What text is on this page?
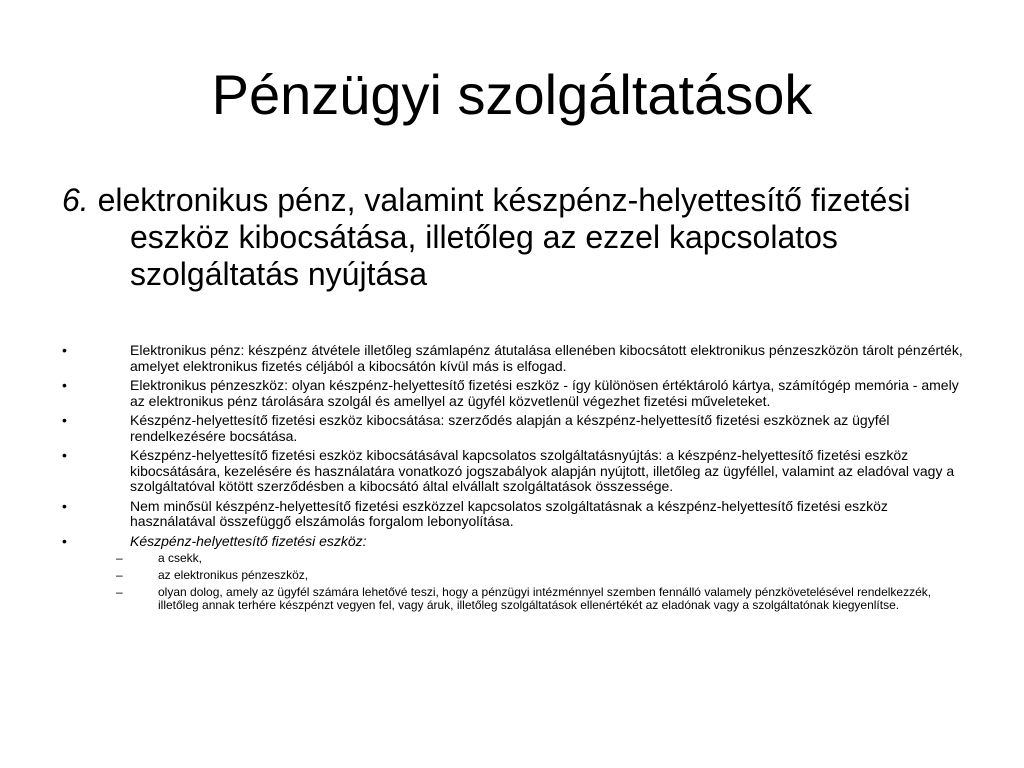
Pénzügyi szolgáltatások
6. elektronikus pénz, valamint készpénz-helyettesítő fizetési eszköz kibocsátása, illetőleg az ezzel kapcsolatos szolgáltatás nyújtása
•	Elektronikus pénz: készpénz átvétele illetőleg számlapénz átutalása ellenében kibocsátott elektronikus pénzeszközön tárolt pénzérték, amelyet elektronikus fizetés céljából a kibocsátón kívül más is elfogad.
•	Elektronikus pénzeszköz: olyan készpénz-helyettesítő fizetési eszköz - így különösen értéktároló kártya, számítógép memória - amely az elektronikus pénz tárolására szolgál és amellyel az ügyfél közvetlenül végezhet fizetési műveleteket.
•	Készpénz-helyettesítő fizetési eszköz kibocsátása: szerződés alapján a készpénz-helyettesítő fizetési eszköznek az ügyfél rendelkezésére bocsátása.
•	Készpénz-helyettesítő fizetési eszköz kibocsátásával kapcsolatos szolgáltatásnyújtás: a készpénz-helyettesítő fizetési eszköz kibocsátására, kezelésére és használatára vonatkozó jogszabályok alapján nyújtott, illetőleg az ügyféllel, valamint az eladóval vagy a szolgáltatóval kötött szerződésben a kibocsátó által elvállalt szolgáltatások összessége.
•	Nem minősül készpénz-helyettesítő fizetési eszközzel kapcsolatos szolgáltatásnak a készpénz-helyettesítő fizetési eszköz használatával összefüggő elszámolás forgalom lebonyolítása.
•	Készpénz-helyettesítő fizetési eszköz:
–	a csekk,
–	az elektronikus pénzeszköz,
–	olyan dolog, amely az ügyfél számára lehetővé teszi, hogy a pénzügyi intézménnyel szemben fennálló valamely pénzkövetelésével rendelkezzék, illetőleg annak terhére készpénzt vegyen fel, vagy áruk, illetőleg szolgáltatások ellenértékét az eladónak vagy a szolgáltatónak kiegyenlítse.
